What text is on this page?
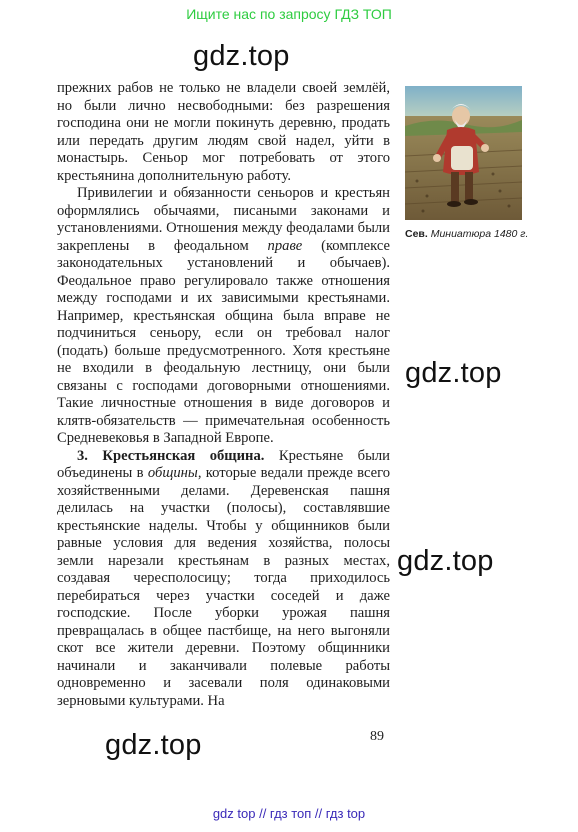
Ищите нас по запросу ГДЗ ТОП
gdz.top
gdz.top
gdz.top
gdz.top

прежних рабов не только не владели своей землёй, но были лично несвободными: без разрешения господина они не могли покинуть деревню, продать или передать другим людям свой надел, уйти в монастырь. Сеньор мог потребовать от этого крестьянина дополнительную работу.

Привилегии и обязанности сеньоров и крестьян оформлялись обычаями, писаными законами и установлениями. Отношения между феодалами были закреплены в феодальном праве (комплексе законодательных установлений и обычаев). Феодальное право регулировало также отношения между господами и их зависимыми крестьянами. Например, крестьянская община была вправе не подчиниться сеньору, если он требовал налог (подать) больше предусмотренного. Хотя крестьяне не входили в феодальную лестницу, они были связаны с господами договорными отношениями. Такие личностные отношения в виде договоров и клятв-обязательств — примечательная особенность Средневековья в Западной Европе.

3. Крестьянская община. Крестьяне были объединены в общины, которые ведали прежде всего хозяйственными делами. Деревенская пашня делилась на участки (полосы), составлявшие крестьянские наделы. Чтобы у общинников были равные условия для ведения хозяйства, полосы земли нарезали крестьянам в разных местах, создавая чересполосицу; тогда приходилось перебираться через участки соседей и даже господские. После уборки урожая пашня превращалась в общее пастбище, на него выгоняли скот все жители деревни. Поэтому общинники начинали и заканчивали полевые работы одновременно и засевали поля одинаковыми зерновыми культурами. На

Сев. Миниатюра 1480 г.
89
gdz top // гдз топ // гдз top
